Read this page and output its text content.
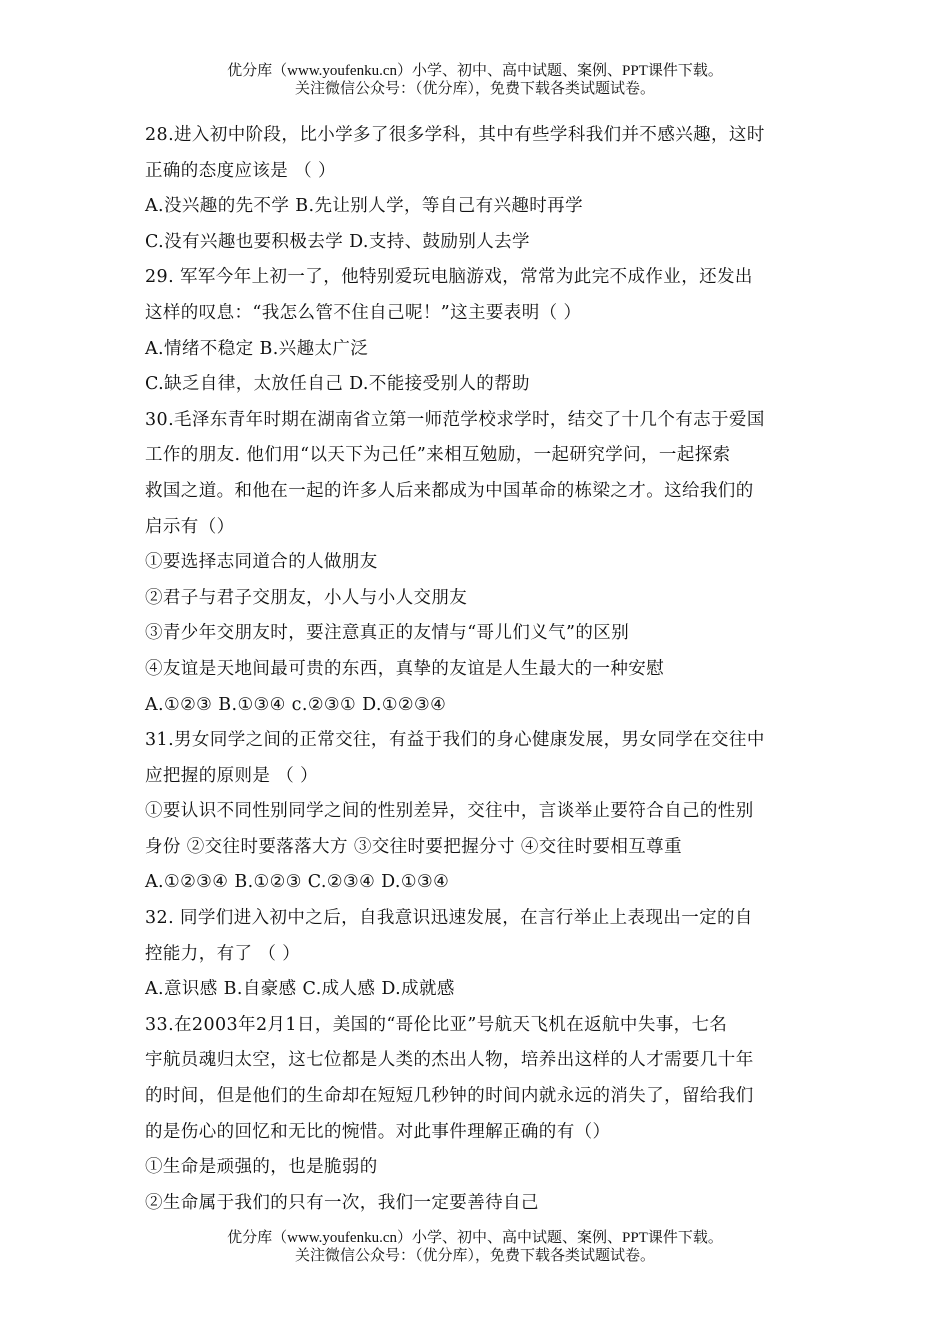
优分库（www.youfenku.cn）小学、初中、高中试题、案例、PPT课件下载。
关注微信公众号：（优分库），免费下载各类试题试卷。
28.进入初中阶段，比小学多了很多学科，其中有些学科我们并不感兴趣，这时
正确的态度应该是 （ ）
A.没兴趣的先不学 B.先让别人学，等自己有兴趣时再学
C.没有兴趣也要积极去学 D.支持、鼓励别人去学
29. 军军今年上初一了，他特别爱玩电脑游戏，常常为此完不成作业，还发出
这样的叹息：“我怎么管不住自己呢！”这主要表明（ ）
A.情绪不稳定 B.兴趣太广泛
C.缺乏自律，太放任自己 D.不能接受别人的帮助
30.毛泽东青年时期在湖南省立第一师范学校求学时，结交了十几个有志于爱国
工作的朋友. 他们用“以天下为己任”来相互勉励，一起研究学问，一起探索
救国之道。和他在一起的许多人后来都成为中国革命的栋梁之才。这给我们的
启示有（）
①要选择志同道合的人做朋友
②君子与君子交朋友，小人与小人交朋友
③青少年交朋友时，要注意真正的友情与“哥儿们义气”的区别
④友谊是天地间最可贵的东西，真挚的友谊是人生最大的一种安慰
A.①②③ B.①③④ c.②③① D.①②③④
31.男女同学之间的正常交往，有益于我们的身心健康发展，男女同学在交往中
应把握的原则是 （ ）
①要认识不同性别同学之间的性别差异，交往中，言谈举止要符合自己的性别
身份 ②交往时要落落大方 ③交往时要把握分寸 ④交往时要相互尊重
A.①②③④ B.①②③ C.②③④ D.①③④
32. 同学们进入初中之后，自我意识迅速发展，在言行举止上表现出一定的自
控能力，有了 （ ）
A.意识感 B.自豪感 C.成人感 D.成就感
33.在2003年2月1日，美国的“哥伦比亚”号航天飞机在返航中失事，七名
宇航员魂归太空，这七位都是人类的杰出人物，培养出这样的人才需要几十年
的时间，但是他们的生命却在短短几秒钟的时间内就永远的消失了，留给我们
的是伤心的回忆和无比的惋惜。对此事件理解正确的有（）
①生命是顽强的，也是脆弱的
②生命属于我们的只有一次，我们一定要善待自己
优分库（www.youfenku.cn）小学、初中、高中试题、案例、PPT课件下载。
关注微信公众号：（优分库），免费下载各类试题试卷。
